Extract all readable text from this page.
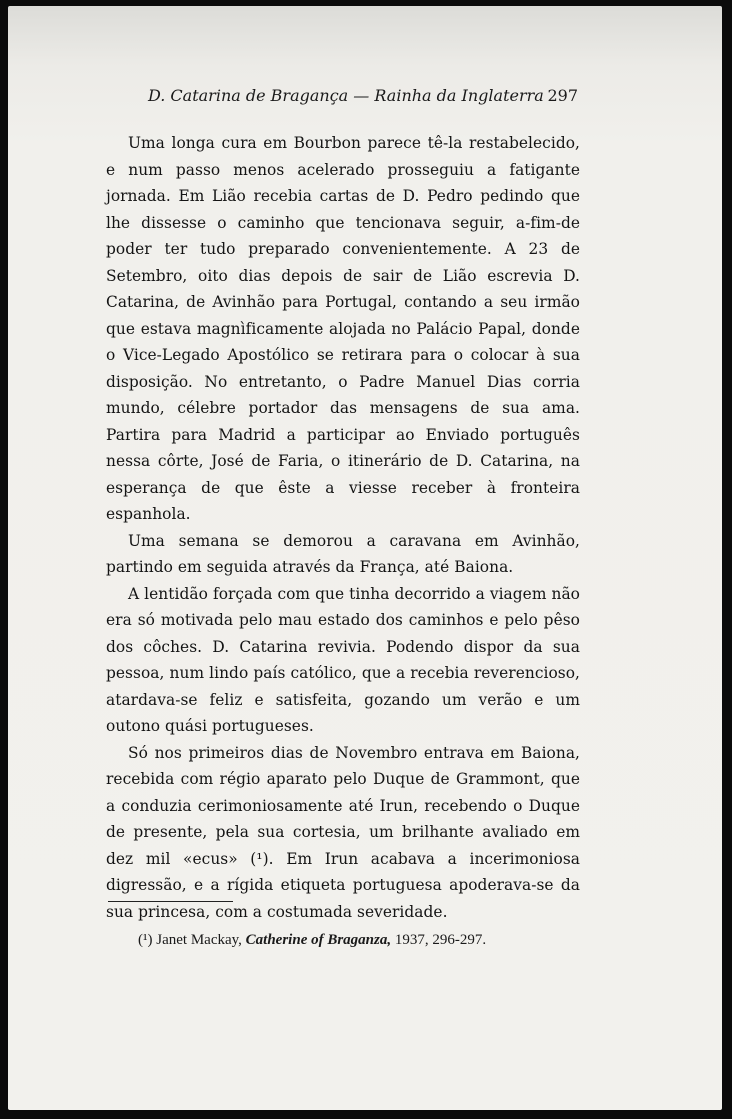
D. Catarina de Bragança — Rainha da Inglaterra 297

Uma longa cura em Bourbon parece tê-la restabelecido, e num passo menos acelerado prosseguiu a fatigante jornada. Em Lião recebia cartas de D. Pedro pedindo que lhe dissesse o caminho que tencionava seguir, a-fim-de poder ter tudo preparado convenientemente. A 23 de Setembro, oito dias depois de sair de Lião escrevia D. Catarina, de Avinhão para Portugal, contando a seu irmão que estava magnìficamente alojada no Palácio Papal, donde o Vice-Legado Apostólico se retirara para o colocar à sua disposição. No entretanto, o Padre Manuel Dias corria mundo, célebre portador das mensagens de sua ama. Partira para Madrid a participar ao Enviado português nessa côrte, José de Faria, o itinerário de D. Catarina, na esperança de que êste a viesse receber à fronteira espanhola.

Uma semana se demorou a caravana em Avinhão, partindo em seguida através da França, até Baiona.

A lentidão forçada com que tinha decorrido a viagem não era só motivada pelo mau estado dos caminhos e pelo pêso dos côches. D. Catarina revivia. Podendo dispor da sua pessoa, num lindo país católico, que a recebia reverencioso, atardava-se feliz e satisfeita, gozando um verão e um outono quási portugueses.

Só nos primeiros dias de Novembro entrava em Baiona, recebida com régio aparato pelo Duque de Grammont, que a conduzia cerimoniosamente até Irun, recebendo o Duque de presente, pela sua cortesia, um brilhante avaliado em dez mil «ecus» (¹). Em Irun acabava a incerimoniosa digressão, e a rígida etiqueta portuguesa apoderava-se da sua princesa, com a costumada severidade.

(¹) Janet Mackay, Catherine of Braganza, 1937, 296-297.
